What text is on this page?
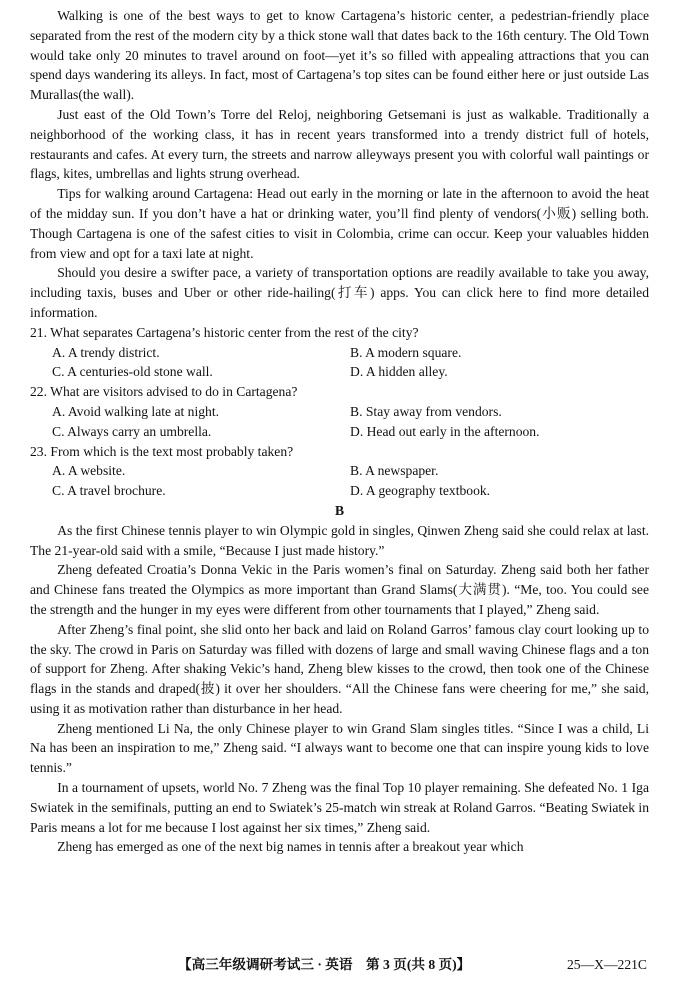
Walking is one of the best ways to get to know Cartagena’s historic center, a pedestrian-friendly place separated from the rest of the modern city by a thick stone wall that dates back to the 16th century. The Old Town would take only 20 minutes to travel around on foot—yet it’s so filled with appealing attractions that you can spend days wandering its alleys. In fact, most of Cartagena’s top sites can be found either here or just outside Las Murallas(the wall).

Just east of the Old Town’s Torre del Reloj, neighboring Getsemani is just as walkable. Traditionally a neighborhood of the working class, it has in recent years transformed into a trendy district full of hotels, restaurants and cafes. At every turn, the streets and narrow alleyways present you with colorful wall paintings or flags, kites, umbrellas and lights strung overhead.

Tips for walking around Cartagena: Head out early in the morning or late in the afternoon to avoid the heat of the midday sun. If you don’t have a hat or drinking water, you’ll find plenty of vendors(小贩) selling both. Though Cartagena is one of the safest cities to visit in Colombia, crime can occur. Keep your valuables hidden from view and opt for a taxi late at night.

Should you desire a swifter pace, a variety of transportation options are readily available to take you away, including taxis, buses and Uber or other ride-hailing(打车) apps. You can click here to find more detailed information.

21. What separates Cartagena’s historic center from the rest of the city?

A. A trendy district.	B. A modern square.
C. A centuries-old stone wall.	D. A hidden alley.

22. What are visitors advised to do in Cartagena?

A. Avoid walking late at night.	B. Stay away from vendors.
C. Always carry an umbrella.	D. Head out early in the afternoon.

23. From which is the text most probably taken?

A. A website.	B. A newspaper.
C. A travel brochure.	D. A geography textbook.

B

As the first Chinese tennis player to win Olympic gold in singles, Qinwen Zheng said she could relax at last. The 21-year-old said with a smile, “Because I just made history.”

Zheng defeated Croatia’s Donna Vekic in the Paris women’s final on Saturday. Zheng said both her father and Chinese fans treated the Olympics as more important than Grand Slams(大满贯). “Me, too. You could see the strength and the hunger in my eyes were different from other tournaments that I played,” Zheng said.

After Zheng’s final point, she slid onto her back and laid on Roland Garros’ famous clay court looking up to the sky. The crowd in Paris on Saturday was filled with dozens of large and small waving Chinese flags and a ton of support for Zheng. After shaking Vekic’s hand, Zheng blew kisses to the crowd, then took one of the Chinese flags in the stands and draped(披) it over her shoulders. “All the Chinese fans were cheering for me,” she said, using it as motivation rather than disturbance in her head.

Zheng mentioned Li Na, the only Chinese player to win Grand Slam singles titles. “Since I was a child, Li Na has been an inspiration to me,” Zheng said. “I always want to become one that can inspire young kids to love tennis.”

In a tournament of upsets, world No. 7 Zheng was the final Top 10 player remaining. She defeated No. 1 Iga Swiatek in the semifinals, putting an end to Swiatek’s 25-match win streak at Roland Garros. “Beating Swiatek in Paris means a lot for me because I lost against her six times,” Zheng said.

Zheng has emerged as one of the next big names in tennis after a breakout year which

【高三年级调研考试三 · 英语　第 3 页(共 8 页)】	25—X—221C
